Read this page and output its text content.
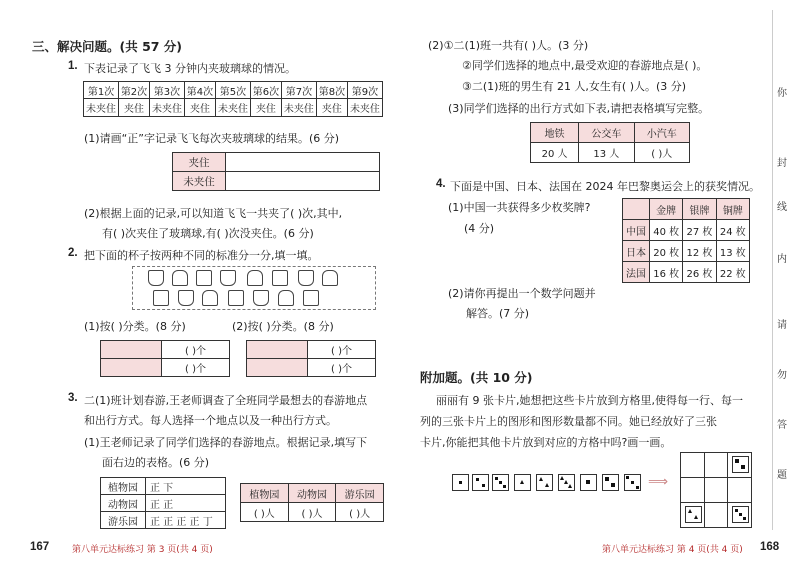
三、解决问题。(共 57 分)
1. 下表记录了飞飞 3 分钟内夹玻璃球的情况。
第1次	第2次	第3次	第4次	第5次	第6次	第7次	第8次	第9次
未夹住	夹住	未夹住	夹住	未夹住	夹住	未夹住	夹住	未夹住
(1)请画“正”字记录飞飞每次夹玻璃球的结果。(6 分)
夹住	
未夹住	
(2)根据上面的记录,可以知道飞飞一共夹了( )次,其中,
有( )次夹住了玻璃球,有( )次没夹住。(6 分)
2. 把下面的杯子按两种不同的标准分一分,填一填。
(1)按( )分类。(8 分)	(2)按( )分类。(8 分)
	( )个
	( )个
	( )个
	( )个
3. 二(1)班计划春游,王老师调查了全班同学最想去的春游地点
和出行方式。每人选择一个地点以及一种出行方式。
(1)王老师记录了同学们选择的春游地点。根据记录,填写下
面右边的表格。(6 分)
植物园	正 下
动物园	正 正
游乐园	正 正 正 正 丁
植物园	动物园	游乐园
( )人	( )人	( )人
167	第八单元达标练习 第 3 页(共 4 页)
(2)①二(1)班一共有( )人。(3 分)
②同学们选择的地点中,最受欢迎的春游地点是( )。
③二(1)班的男生有 21 人,女生有( )人。(3 分)
(3)同学们选择的出行方式如下表,请把表格填写完整。
地铁	公交车	小汽车
20 人	13 人	( )人
4. 下面是中国、日本、法国在 2024 年巴黎奥运会上的获奖情况。
(1)中国一共获得多少枚奖牌?
(4 分)
	金牌	银牌	铜牌
中国	40 枚	27 枚	24 枚
日本	20 枚	12 枚	13 枚
法国	16 枚	26 枚	22 枚
(2)请你再提出一个数学问题并
解答。(7 分)
附加题。(共 10 分)
丽丽有 9 张卡片,她想把这些卡片放到方格里,使得每一行、每一
列的三张卡片上的图形和图形数量都不同。她已经放好了三张
卡片,你能把其他卡片放到对应的方格中吗?画一画。
⟹

第八单元达标练习 第 4 页(共 4 页) 168
你
封
线
内
请
勿
答
题
